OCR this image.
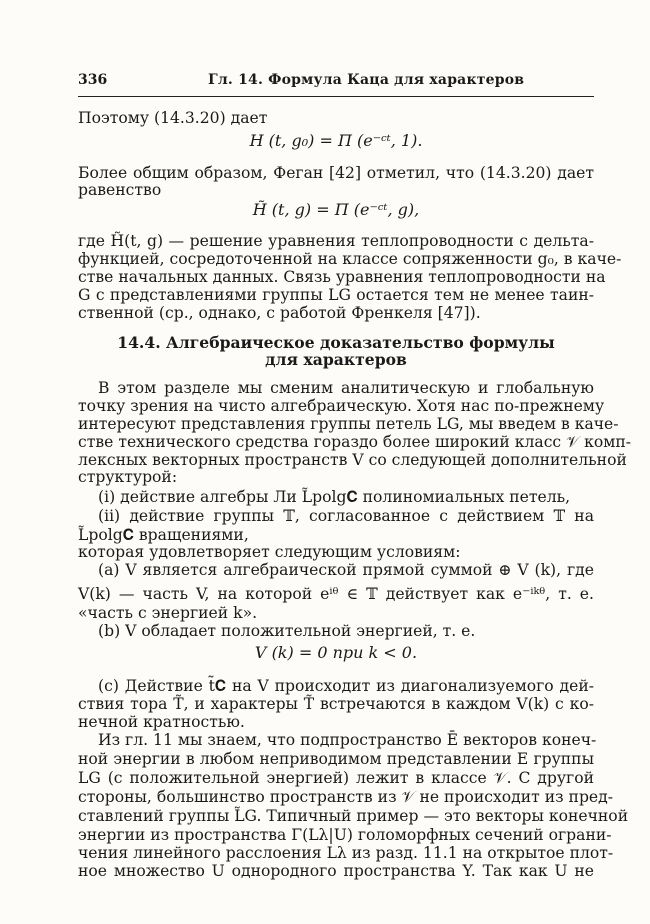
336	Гл. 14. Формула Каца для характеров
Поэтому (14.3.20) дает
H (t, g₀) = Π (e⁻ᶜᵗ, 1).
Более общим образом, Феган [42] отметил, что (14.3.20) дает
равенство
H̃ (t, g) = Π (e⁻ᶜᵗ, g),
где H̃(t, g) — решение уравнения теплопроводности с дельта-
функцией, сосредоточенной на классе сопряженности g₀, в каче-
стве начальных данных. Связь уравнения теплопроводности на
G с представлениями группы LG остается тем не менее таин-
ственной (ср., однако, с работой Френкеля [47]).
14.4. Алгебраическое доказательство формулы
для характеров
В этом разделе мы сменим аналитическую и глобальную
точку зрения на чисто алгебраическую. Хотя нас по-прежнему
интересуют представления группы петель LG, мы введем в каче-
стве технического средства гораздо более широкий класс 𝒱 комп-
лексных векторных пространств V со следующей дополнительной
структурой:
(i) действие алгебры Ли L̃polg𝐂 полиномиальных петель,
(ii) действие группы 𝕋, согласованное с действием 𝕋 на
L̃polg𝐂 вращениями,
которая удовлетворяет следующим условиям:
(a) V является алгебраической прямой суммой ⊕ V (k), где
V(k) — часть V, на которой eⁱᶿ ∈ 𝕋 действует как e⁻ⁱᵏᶿ, т. е.
«часть с энергией k».
(b) V обладает положительной энергией, т. е.
V (k) = 0 при k < 0.
(c) Действие t̃𝐂 на V происходит из диагонализуемого дей-
ствия тора T̃, и характеры T̃ встречаются в каждом V(k) с ко-
нечной кратностью.
Из гл. 11 мы знаем, что подпространство Ē векторов конеч-
ной энергии в любом неприводимом представлении E группы
LG (с положительной энергией) лежит в классе 𝒱. С другой
стороны, большинство пространств из 𝒱 не происходит из пред-
ставлений группы L̃G. Типичный пример — это векторы конечной
энергии из пространства Γ(Lλ|U) голоморфных сечений ограни-
чения линейного расслоения Lλ из разд. 11.1 на открытое плот-
ное множество U однородного пространства Y. Так как U не
